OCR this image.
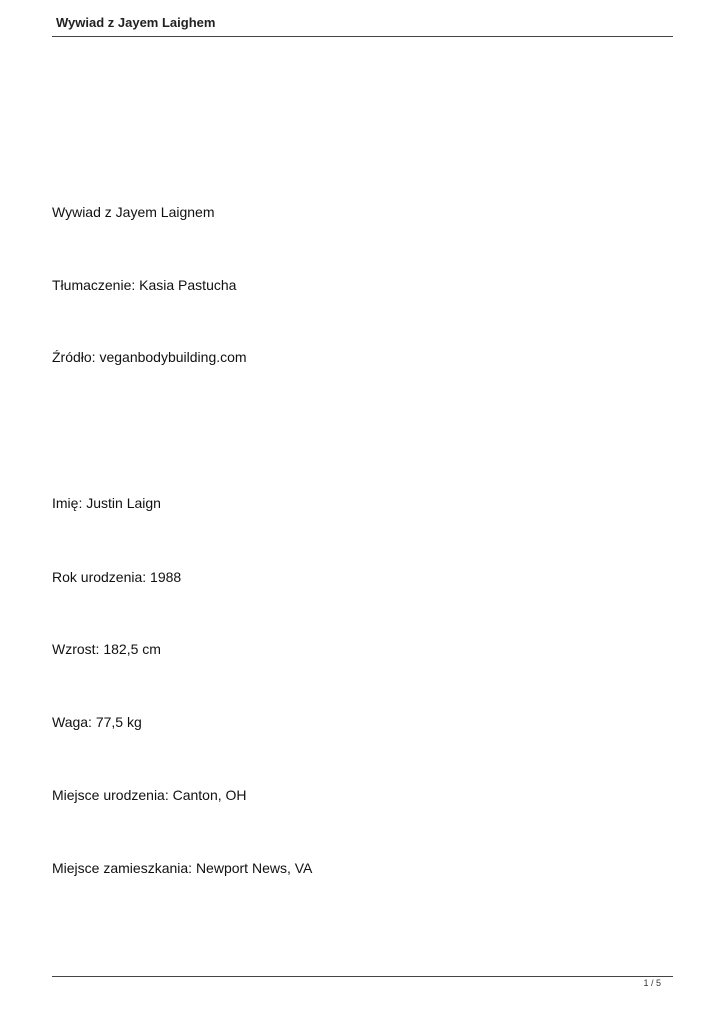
Wywiad z Jayem Laighem
Wywiad z Jayem Laignem
Tłumaczenie: Kasia Pastucha
Źródło: veganbodybuilding.com
Imię: Justin Laign
Rok urodzenia: 1988
Wzrost: 182,5 cm
Waga: 77,5 kg
Miejsce urodzenia: Canton, OH
Miejsce zamieszkania: Newport News, VA
1 / 5
